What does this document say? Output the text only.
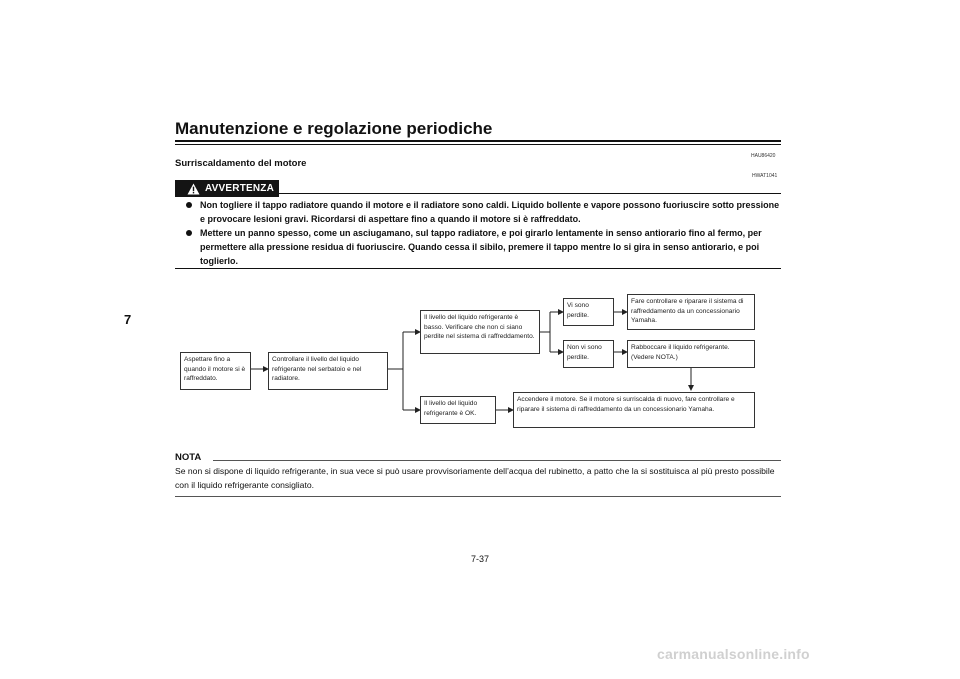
Manutenzione e regolazione periodiche
7
HAU86420
Surriscaldamento del motore
HWAT1041
AVVERTENZA
Non togliere il tappo radiatore quando il motore e il radiatore sono caldi. Liquido bollente e vapore possono fuoriuscire sotto pressione e provocare lesioni gravi. Ricordarsi di aspettare fino a quando il motore si è raffreddato.
Mettere un panno spesso, come un asciugamano, sul tappo radiatore, e poi girarlo lentamente in senso antiorario fino al fermo, per permettere alla pressione residua di fuoriuscire. Quando cessa il sibilo, premere il tappo mentre lo si gira in senso antiorario, e poi toglierlo.
Aspettare fino a quando il motore si è raffreddato.
Controllare il livello del liquido refrigerante nel serbatoio e nel radiatore.
Il livello del liquido refrigerante è basso. Verificare che non ci siano perdite nel sistema di raffreddamento.
Il livello del liquido refrigerante è OK.
Vi sono perdite.
Non vi sono perdite.
Fare controllare e riparare il sistema di raffreddamento da un concessionario Yamaha.
Rabboccare il liquido refrigerante. (Vedere NOTA.)
Accendere il motore. Se il motore si surriscalda di nuovo, fare controllare e riparare il sistema di raffreddamento da un concessionario Yamaha.
NOTA
Se non si dispone di liquido refrigerante, in sua vece si può usare provvisoriamente dell’acqua del rubinetto, a patto che la si sostituisca al più presto possibile con il liquido refrigerante consigliato.
7-37
carmanualsonline.info
